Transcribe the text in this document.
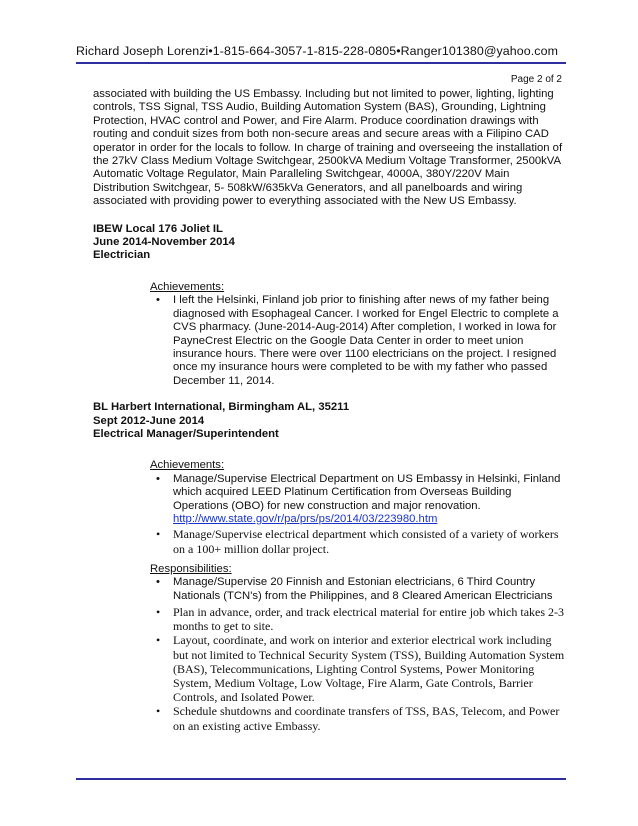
Richard Joseph Lorenzi•1-815-664-3057-1-815-228-0805•Ranger101380@yahoo.com
Page 2 of 2

associated with building the US Embassy. Including but not limited to power, lighting, lighting controls, TSS Signal, TSS Audio, Building Automation System (BAS), Grounding, Lightning Protection, HVAC control and Power, and Fire Alarm. Produce coordination drawings with routing and conduit sizes from both non-secure areas and secure areas with a Filipino CAD operator in order for the locals to follow. In charge of training and overseeing the installation of the 27kV Class Medium Voltage Switchgear, 2500kVA Medium Voltage Transformer, 2500kVA Automatic Voltage Regulator, Main Paralleling Switchgear, 4000A, 380Y/220V Main Distribution Switchgear, 5- 508kW/635kVa Generators, and all panelboards and wiring associated with providing power to everything associated with the New US Embassy.

IBEW Local 176 Joliet IL
June 2014-November 2014
Electrician
Achievements:
• I left the Helsinki, Finland job prior to finishing after news of my father being diagnosed with Esophageal Cancer. I worked for Engel Electric to complete a CVS pharmacy. (June-2014-Aug-2014) After completion, I worked in Iowa for PayneCrest Electric on the Google Data Center in order to meet union insurance hours. There were over 1100 electricians on the project. I resigned once my insurance hours were completed to be with my father who passed December 11, 2014.
BL Harbert International, Birmingham AL, 35211
Sept 2012-June 2014
Electrical Manager/Superintendent
Achievements:
• Manage/Supervise Electrical Department on US Embassy in Helsinki, Finland which acquired LEED Platinum Certification from Overseas Building Operations (OBO) for new construction and major renovation.
http://www.state.gov/r/pa/prs/ps/2014/03/223980.htm
• Manage/Supervise electrical department which consisted of a variety of workers on a 100+ million dollar project.
Responsibilities:
• Manage/Supervise 20 Finnish and Estonian electricians, 6 Third Country Nationals (TCN's) from the Philippines, and 8 Cleared American Electricians
• Plan in advance, order, and track electrical material for entire job which takes 2-3 months to get to site.
• Layout, coordinate, and work on interior and exterior electrical work including but not limited to Technical Security System (TSS), Building Automation System (BAS), Telecommunications, Lighting Control Systems, Power Monitoring System, Medium Voltage, Low Voltage, Fire Alarm, Gate Controls, Barrier Controls, and Isolated Power.
• Schedule shutdowns and coordinate transfers of TSS, BAS, Telecom, and Power on an existing active Embassy.
